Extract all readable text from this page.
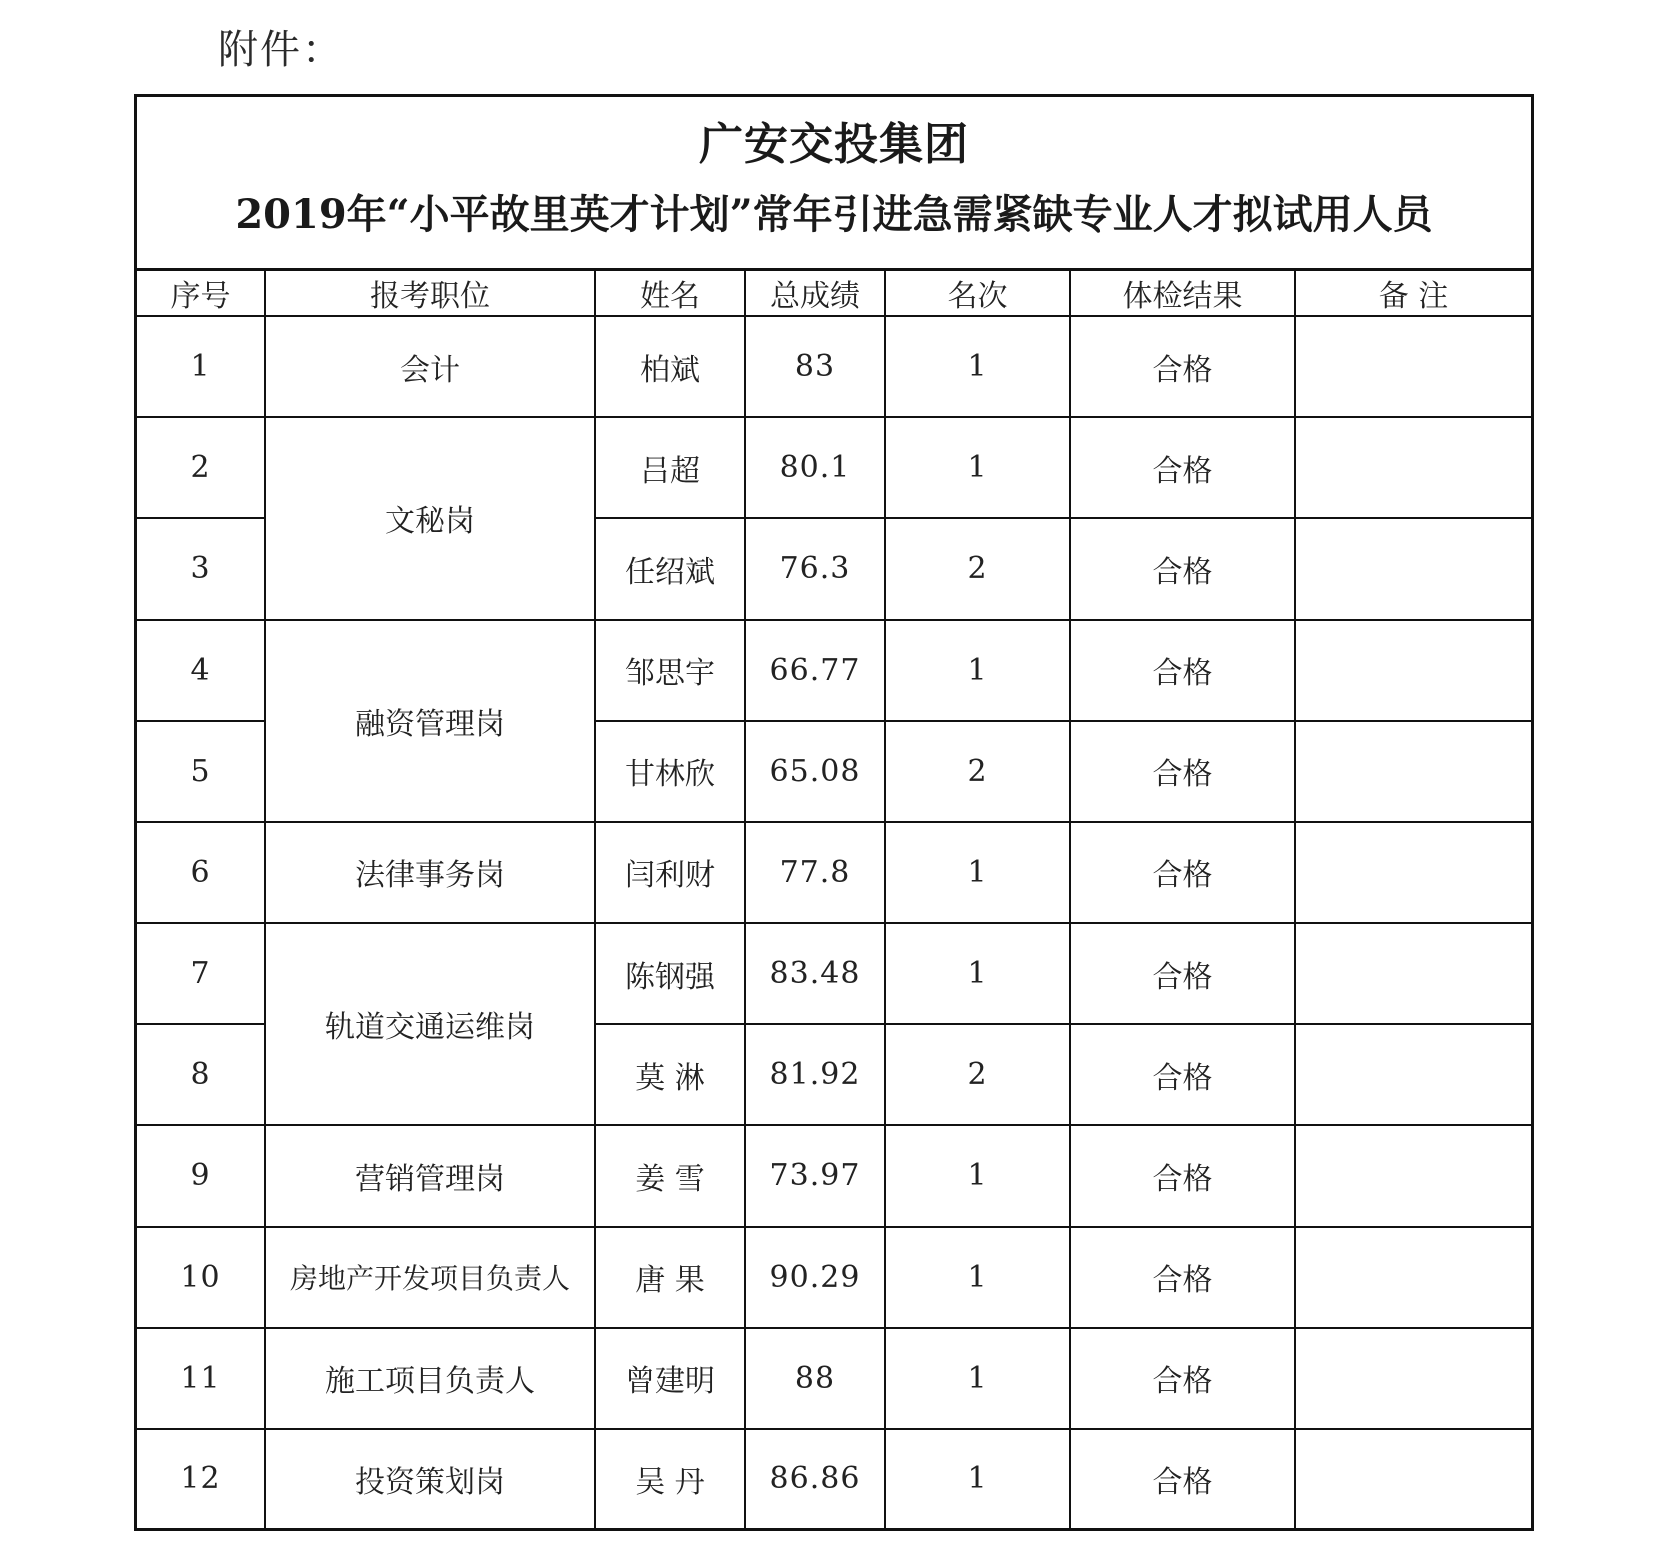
附件：
广安交投集团
2019年“小平故里英才计划”常年引进急需紧缺专业人才拟试用人员
序号	报考职位	姓名	总成绩	名次	体检结果	备 注
1	会计	柏斌	83	1	合格	
2	文秘岗	吕超	80.1	1	合格	
3		任绍斌	76.3	2	合格	
4	融资管理岗	邹思宇	66.77	1	合格	
5		甘林欣	65.08	2	合格	
6	法律事务岗	闫利财	77.8	1	合格	
7	轨道交通运维岗	陈钢强	83.48	1	合格	
8		莫 淋	81.92	2	合格	
9	营销管理岗	姜 雪	73.97	1	合格	
10	房地产开发项目负责人	唐 果	90.29	1	合格	
11	施工项目负责人	曾建明	88	1	合格	
12	投资策划岗	吴 丹	86.86	1	合格	
